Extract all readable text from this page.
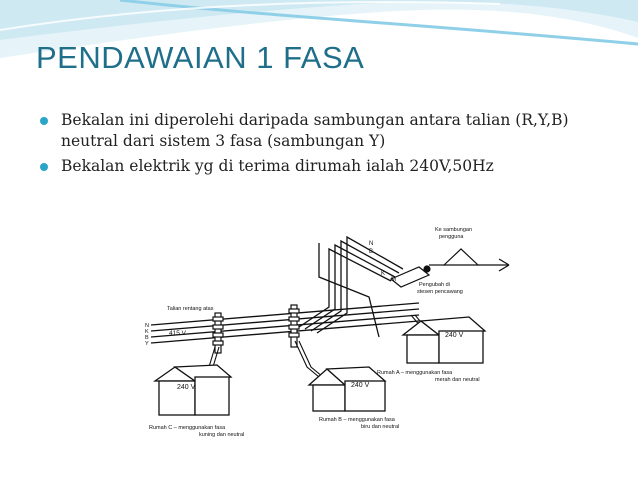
PENDAWAIAN 1 FASA
Bekalan ini diperolehi daripada sambungan antara talian (R,Y,B) neutral dari sistem 3 fasa (sambungan Y)
Bekalan elektrik yg di terima dirumah ialah 240V,50Hz
Ke sambungan
pengguna
Pengubah di
stesen pencawang
N
B
K
M
Talian rentang atas
415 V
N
K
B
Y
240 V
Rumah A – menggunakan fasa
merah dan neutral
240 V
Rumah B – menggunakan fasa
biru dan neutral
240 V
Rumah C – menggunakan fasa
kuning dan neutral
